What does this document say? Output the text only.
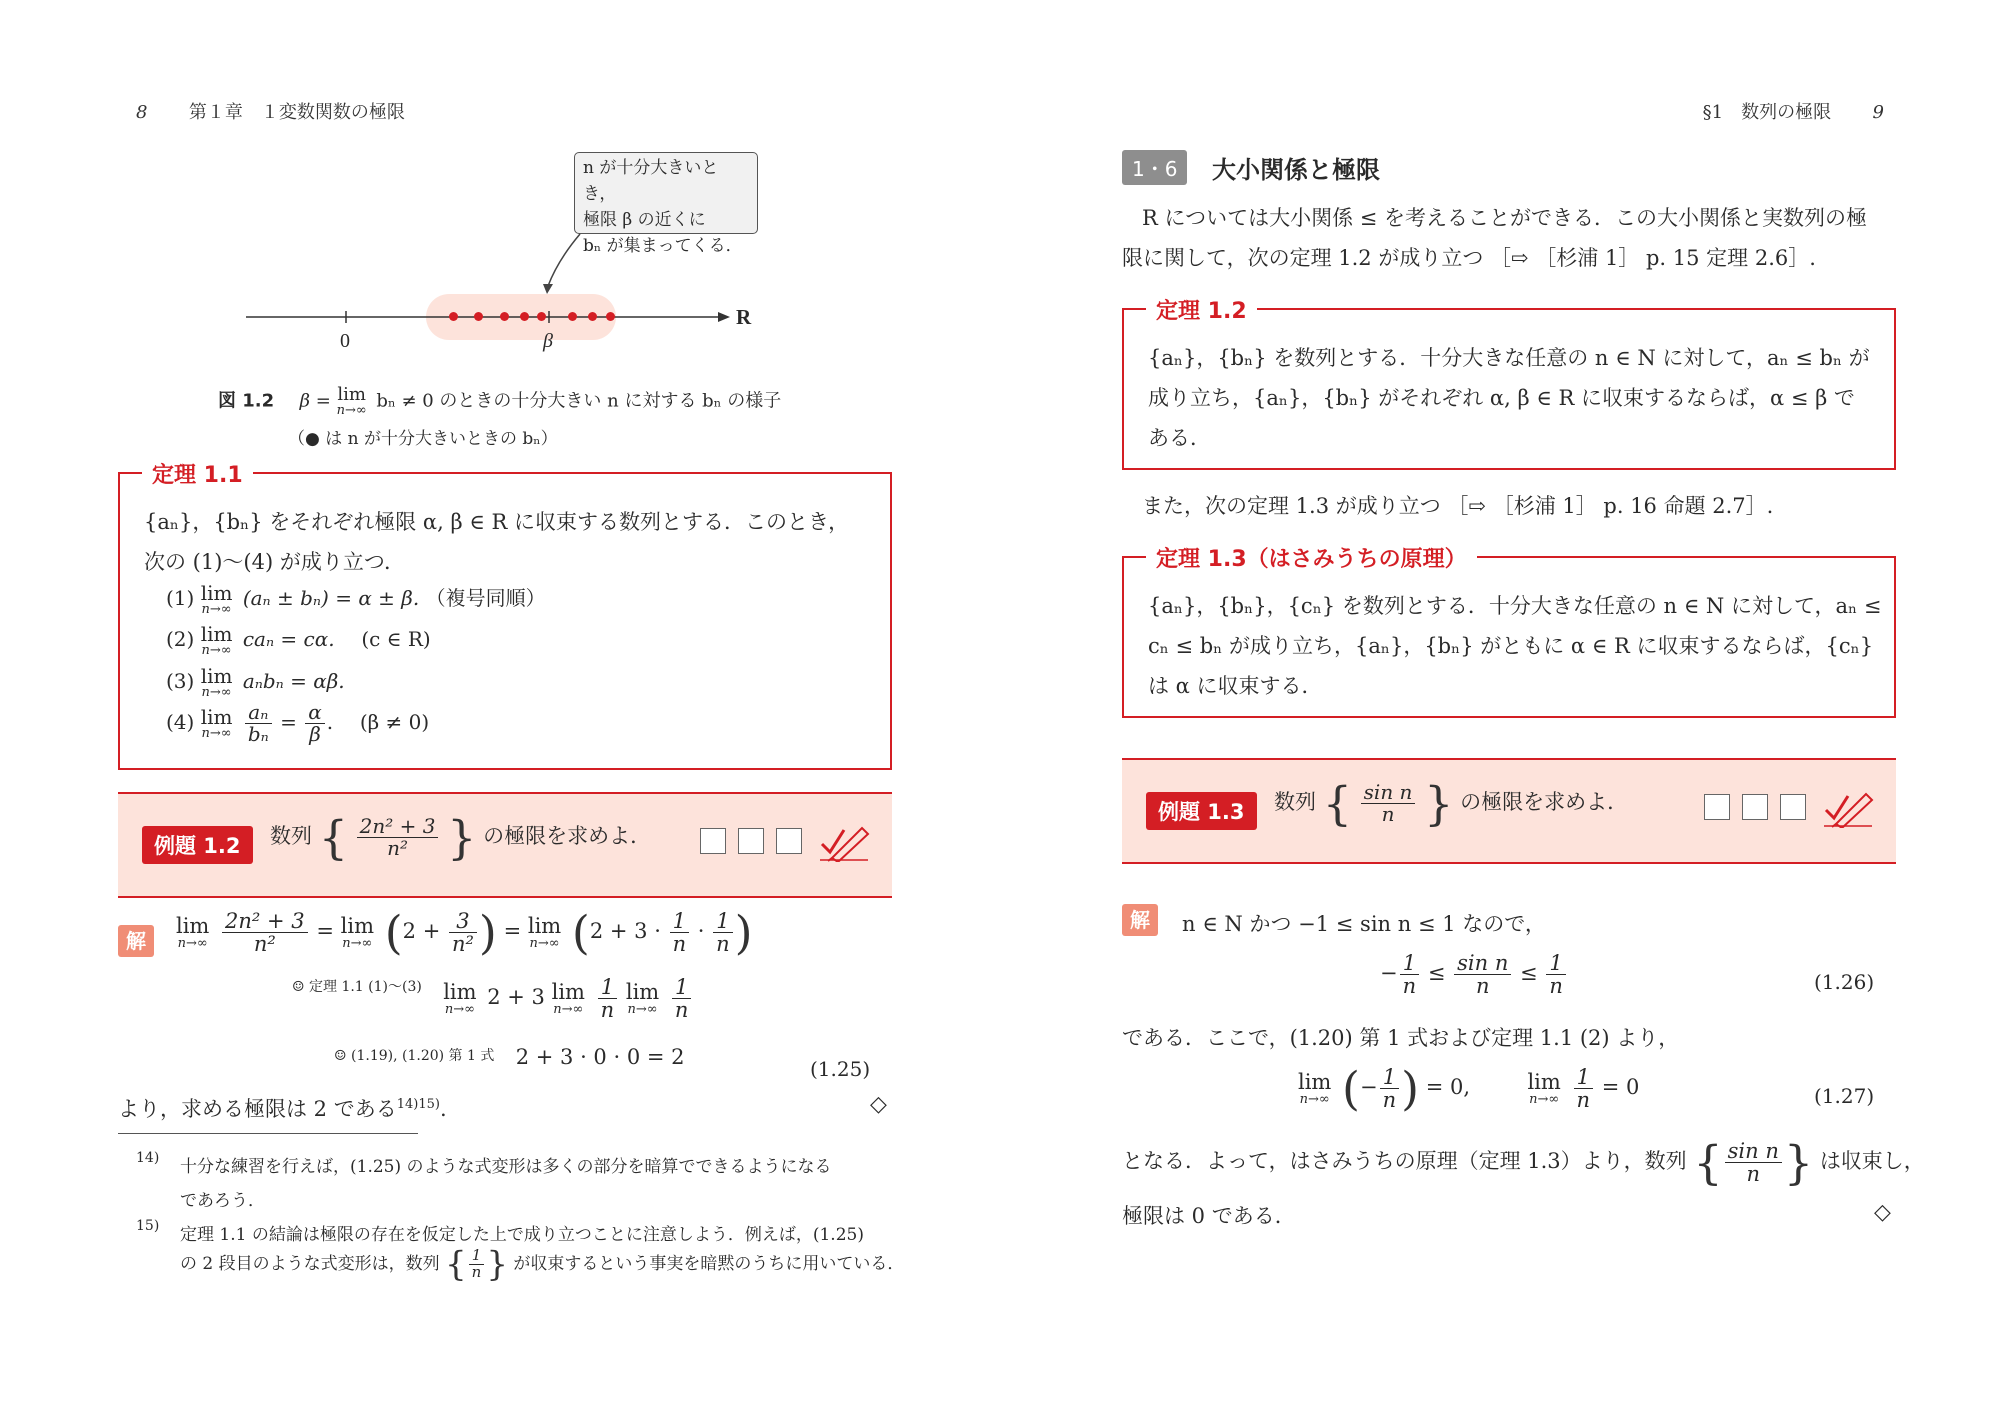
8 第１章　１変数関数の極限
n が十分大きいとき，
極限 β の近くに
bₙ が集まってくる．
0	β
R
図 1.2 β = lim
n→∞ bₙ ≠ 0 のときの十分大きい n に対する bₙ の様子
（● は n が十分大きいときの bₙ）
定理 1.1
{aₙ}，{bₙ} をそれぞれ極限 α, β ∈ R に収束する数列とする．このとき，
次の (1)〜(4) が成り立つ．
(1) lim
n→∞ (aₙ ± bₙ) = α ± β. （複号同順）
(2) lim
n→∞ caₙ = cα. (c ∈ R)
(3) lim
n→∞ aₙbₙ = αβ.
(4) lim
n→∞
$\frac{\text{aₙ}}{\text{bₙ}} = \frac{\alpha}{\beta}$ .  (β ≠ 0)
例題 1.2	数列 { $\frac{\text{2n² + 3}}{\text{n²}}$ } の極限を求めよ．
解
lim
n→∞
$\frac{\text{2n² + 3}}{\text{n²}} = \lim$
n→∞ ($2 + \frac{3}{\text{n²}}$ ) = lim
n→∞ ($2 + 3 \cdot \frac{1}{n} \cdot \frac{1}{n}$ )
☺ 定理 1.1 (1)〜(3) lim
n→∞ 2 + 3 lim
n→∞
$\frac{1}{n}$ lim
n→∞
$\frac{1}{n}$
☺ (1.19), (1.20) 第 1 式 2 + 3 · 0 · 0 = 2	(1.25)
より，求める極限は 2 である$^{14)15)}$.	◇
14) 十分な練習を行えば，(1.25) のような式変形は多くの部分を暗算でできるようになる
であろう．
15) 定理 1.1 の結論は極限の存在を仮定した上で成り立つことに注意しよう．例えば，(1.25)
の 2 段目のような式変形は，数列 { $\frac{1}{n}$ } が収束するという事実を暗黙のうちに用いている．
§1　数列の極限 9
1・6	大小関係と極限
R については大小関係 ≤ を考えることができる．この大小関係と実数列の極
限に関して，次の定理 1.2 が成り立つ ［⇨ ［杉浦 1］ p. 15 定理 2.6］.
定理 1.2
{aₙ}，{bₙ} を数列とする．十分大きな任意の n ∈ N に対して，aₙ ≤ bₙ が
成り立ち，{aₙ}，{bₙ} がそれぞれ α, β ∈ R に収束するならば，α ≤ β で
ある．
また，次の定理 1.3 が成り立つ ［⇨ ［杉浦 1］ p. 16 命題 2.7］.
定理 1.3（はさみうちの原理）
{aₙ}，{bₙ}，{cₙ} を数列とする．十分大きな任意の n ∈ N に対して，aₙ ≤
cₙ ≤ bₙ が成り立ち，{aₙ}，{bₙ} がともに α ∈ R に収束するならば，{cₙ}
は α に収束する．
例題 1.3	数列 { $\frac{\text{sin n}}{n}$ } の極限を求めよ．
解	n ∈ N かつ −1 ≤ sin n ≤ 1 なので，
− $\frac{1}{n} \le \frac{\text{sin n}}{n} \le \frac{1}{n}$	(1.26)
である．ここで，(1.20) 第 1 式および定理 1.1 (2) より，
lim
n→∞ (− $\frac{1}{n}$ ) = 0,	lim
n→∞
$\frac{1}{n} = 0$	(1.27)
となる．よって，はさみうちの原理（定理 1.3）より，数列 { $\frac{\text{sin n}}{n}$ } は収束し，
極限は 0 である．	◇
